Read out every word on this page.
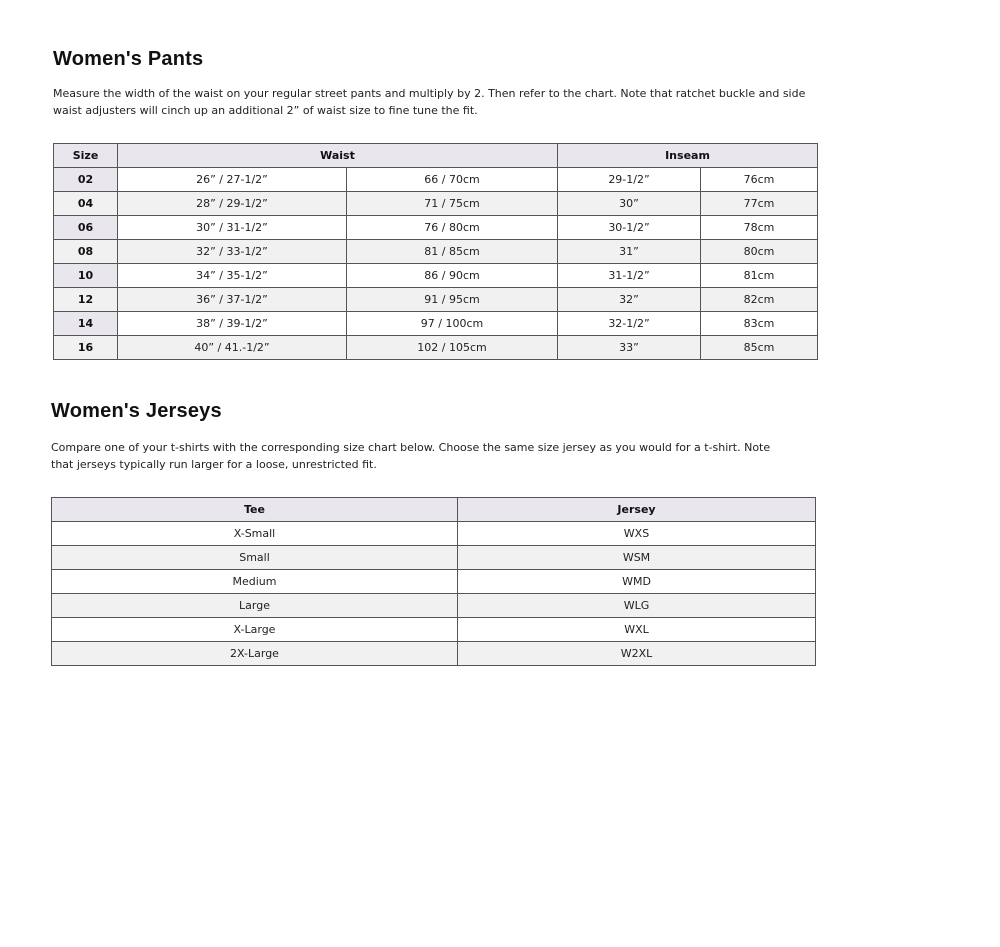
Women's Pants

Measure the width of the waist on your regular street pants and multiply by 2. Then refer to the chart. Note that ratchet buckle and side waist adjusters will cinch up an additional 2” of waist size to fine tune the fit.

Size	Waist		Inseam	
02	26” / 27-1/2”	66 / 70cm	29-1/2”	76cm
04	28” / 29-1/2”	71 / 75cm	30”	77cm
06	30” / 31-1/2”	76 / 80cm	30-1/2”	78cm
08	32” / 33-1/2”	81 / 85cm	31”	80cm
10	34” / 35-1/2”	86 / 90cm	31-1/2”	81cm
12	36” / 37-1/2”	91 / 95cm	32”	82cm
14	38” / 39-1/2”	97 / 100cm	32-1/2”	83cm
16	40” / 41.-1/2”	102 / 105cm	33”	85cm
Women's Jerseys

Compare one of your t-shirts with the corresponding size chart below. Choose the same size jersey as you would for a t-shirt. Note that jerseys typically run larger for a loose, unrestricted fit.

Tee	Jersey
X-Small	WXS
Small	WSM
Medium	WMD
Large	WLG
X-Large	WXL
2X-Large	W2XL
